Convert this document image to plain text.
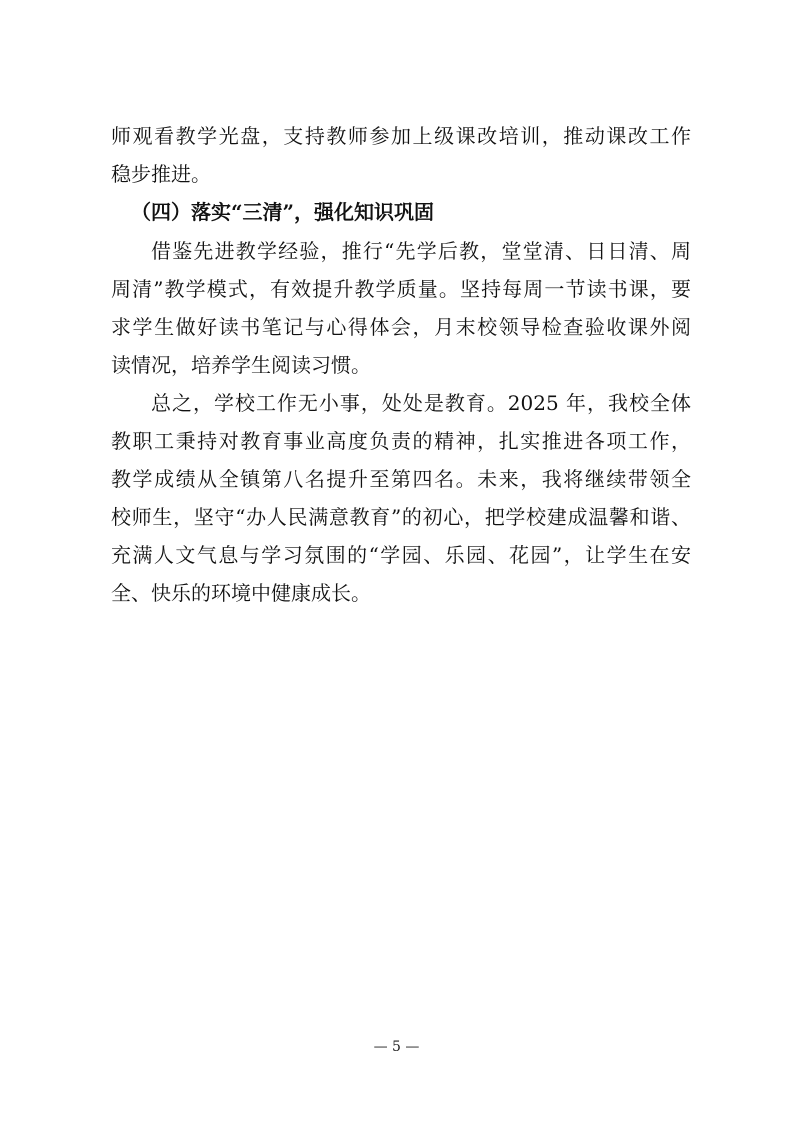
师观看教学光盘，支持教师参加上级课改培训，推动课改工作
稳步推进。
（四）落实“三清”，强化知识巩固
借鉴先进教学经验，推行“先学后教，堂堂清、日日清、周
周清”教学模式，有效提升教学质量。坚持每周一节读书课，要
求学生做好读书笔记与心得体会，月末校领导检查验收课外阅
读情况，培养学生阅读习惯。
总之，学校工作无小事，处处是教育。2025 年，我校全体
教职工秉持对教育事业高度负责的精神，扎实推进各项工作，
教学成绩从全镇第八名提升至第四名。未来，我将继续带领全
校师生，坚守“办人民满意教育”的初心，把学校建成温馨和谐、
充满人文气息与学习氛围的“学园、乐园、花园”，让学生在安
全、快乐的环境中健康成长。
— 5 —
